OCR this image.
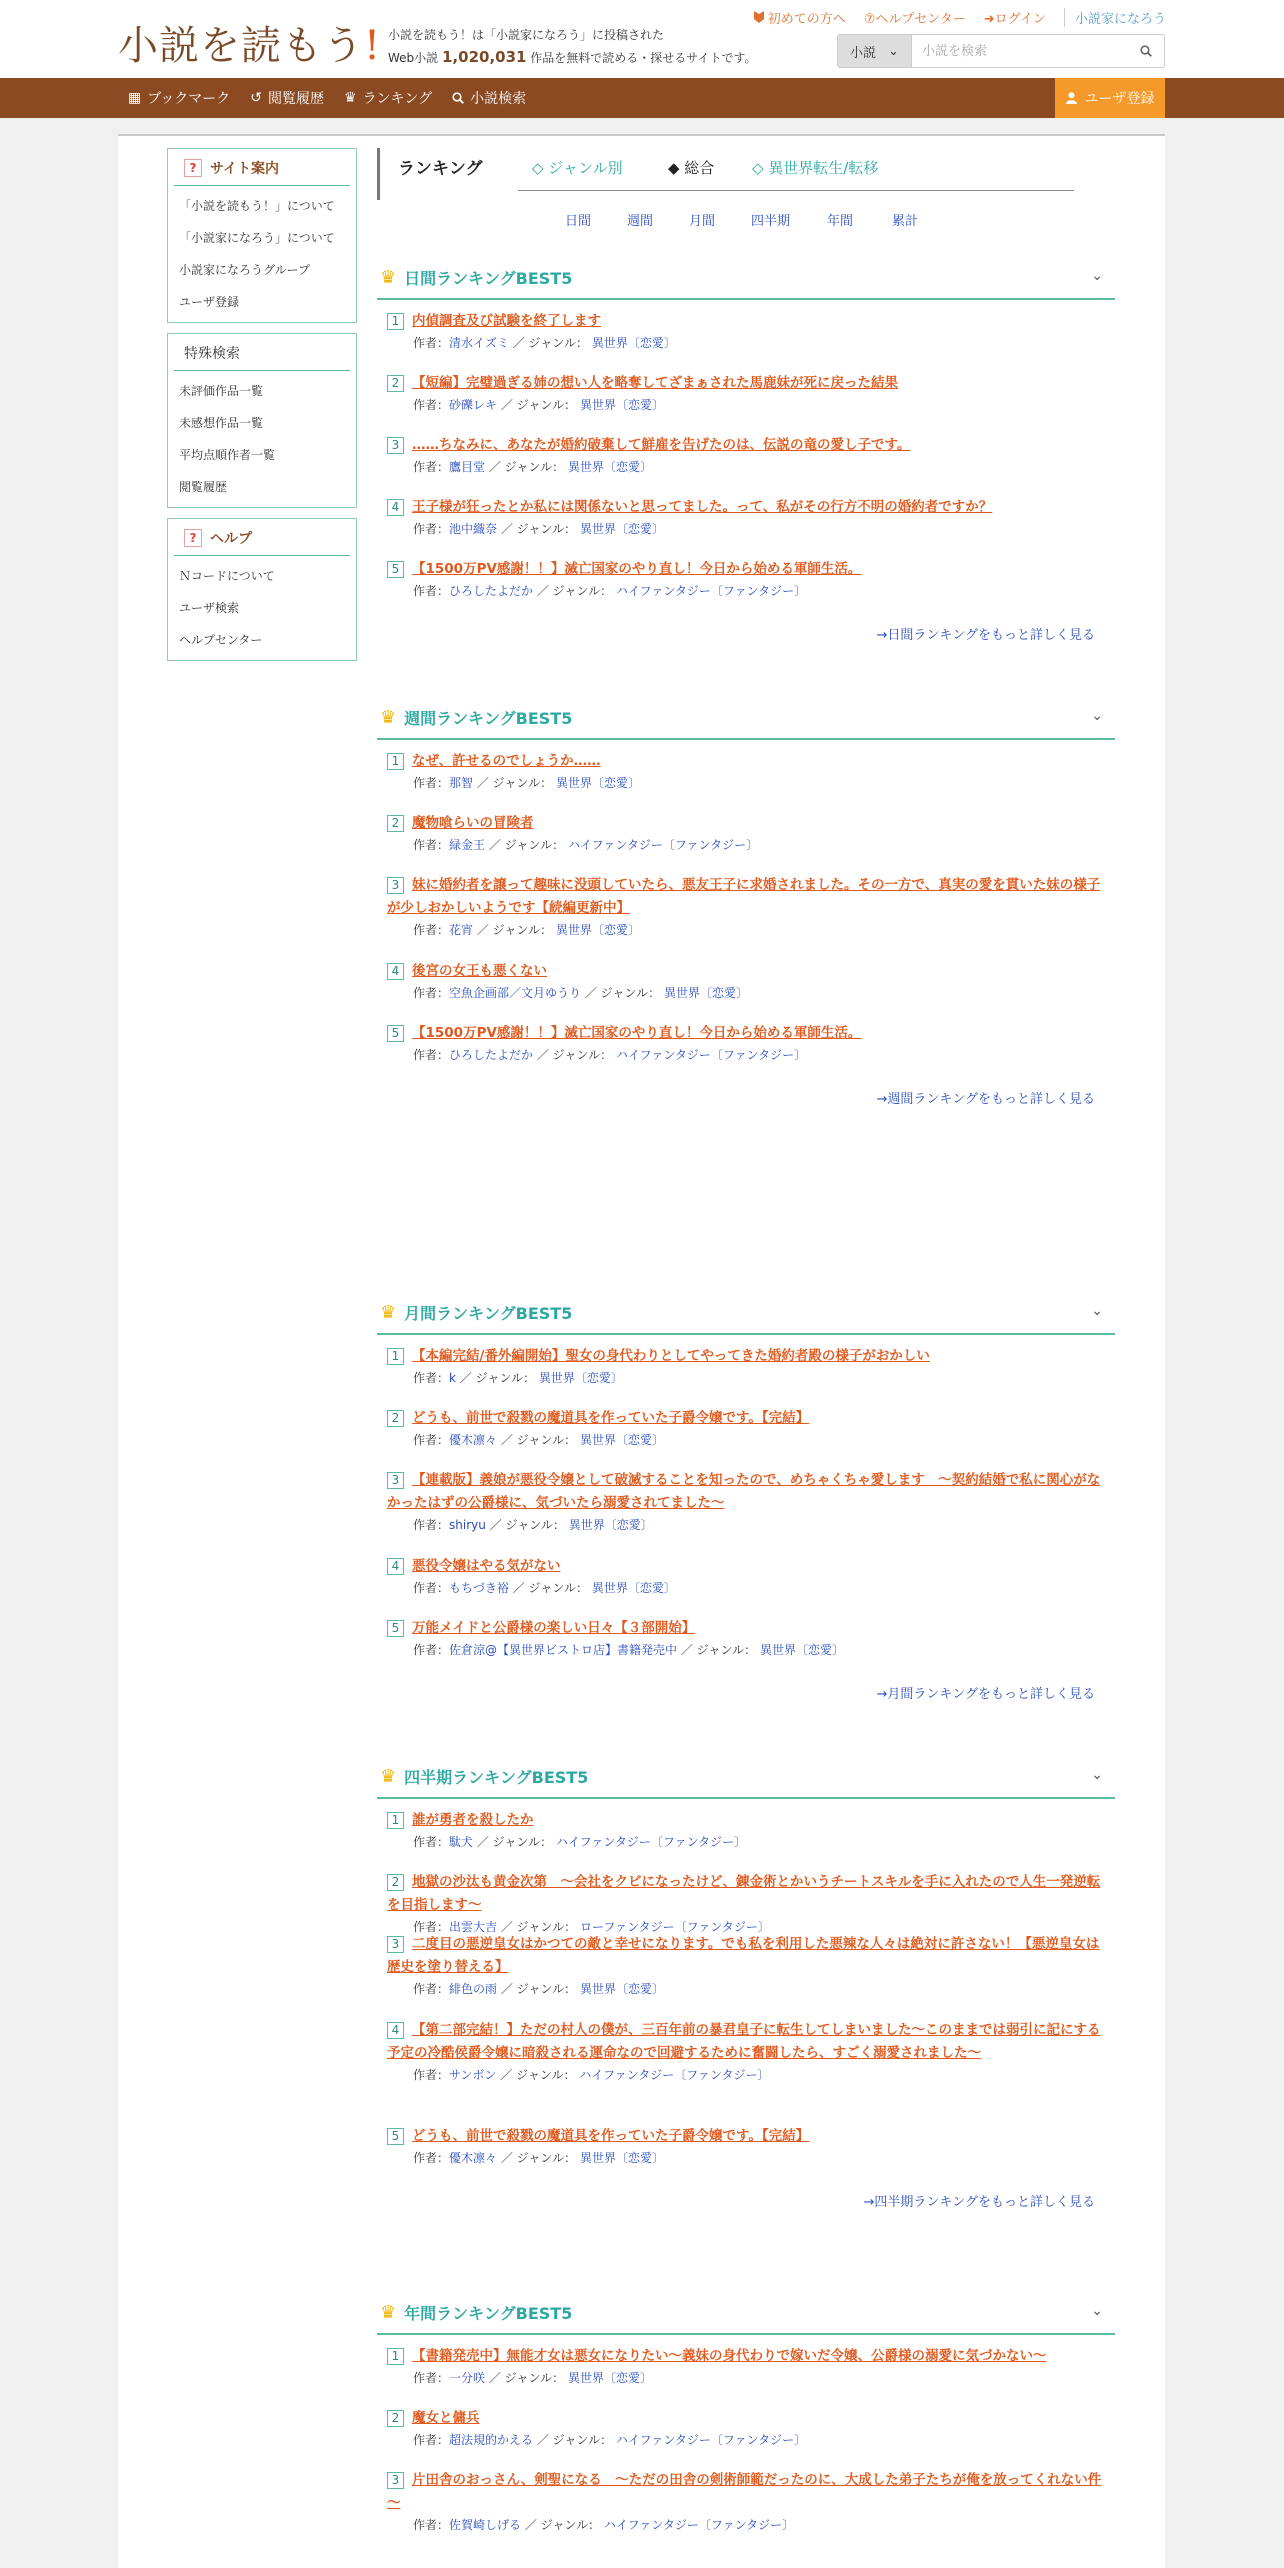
小説を読もう! 小説を読もう！は「小説家になろう」に投稿された
Web小説 1,020,031 作品を無料で読める・探せるサイトです。
初めての方へ ⑦ヘルプセンター ➜ログイン	小説家になろう
小説 ⌄
小説を検索
▦ ブックマーク ↺ 閲覧履歴 ♛ ランキング	小説検索	ユーザ登録
? サイト案内
「小説を読もう！」について
「小説家になろう」について
小説家になろうグループ
ユーザ登録
特殊検索
未評価作品一覧
未感想作品一覧
平均点順作者一覧
閲覧履歴
? ヘルプ
Ｎコードについて
ユーザ検索
ヘルプセンター
ランキング	◇ ジャンル別	◆ 総合	◇ 異世界転生/転移
日間	週間	月間	四半期	年間	累計
♛ 日間ランキングBEST5	⌄
1 内偵調査及び試験を終了します
作者：清水イズミ ／ ジャンル： 異世界〔恋愛〕
2 【短編】完璧過ぎる姉の想い人を略奪してざまぁされた馬鹿妹が死に戻った結果
作者：砂礫レキ ／ ジャンル： 異世界〔恋愛〕
3 ……ちなみに、あなたが婚約破棄して鮮雇を告げたのは、伝説の竜の愛し子です。
作者：鷹目堂 ／ ジャンル： 異世界〔恋愛〕
4 王子様が狂ったとか私には関係ないと思ってました。って、私がその行方不明の婚約者ですか？
作者：池中織奈 ／ ジャンル： 異世界〔恋愛〕
5 【1500万PV感謝！！】滅亡国家のやり直し！今日から始める軍師生活。
作者：ひろしたよだか ／ ジャンル： ハイファンタジー〔ファンタジー〕
→日間ランキングをもっと詳しく見る
♛ 週間ランキングBEST5	⌄
1 なぜ、許せるのでしょうか……
作者：那智 ／ ジャンル： 異世界〔恋愛〕
2 魔物喰らいの冒険者
作者：緑金王 ／ ジャンル： ハイファンタジー〔ファンタジー〕
3 妹に婚約者を譲って趣味に没頭していたら、悪友王子に求婚されました。その一方で、真実の愛を貫いた妹の様子が少しおかしいようです【続編更新中】
作者：花宵 ／ ジャンル： 異世界〔恋愛〕
4 後宮の女王も悪くない
作者：空魚企画部／文月ゆうり ／ ジャンル： 異世界〔恋愛〕
5 【1500万PV感謝！！】滅亡国家のやり直し！今日から始める軍師生活。
作者：ひろしたよだか ／ ジャンル： ハイファンタジー〔ファンタジー〕
→週間ランキングをもっと詳しく見る
♛ 月間ランキングBEST5	⌄
1 【本編完結/番外編開始】聖女の身代わりとしてやってきた婚約者殿の様子がおかしい
作者：k ／ ジャンル： 異世界〔恋愛〕
2 どうも、前世で殺戮の魔道具を作っていた子爵令嬢です。【完結】
作者：優木凛々 ／ ジャンル： 異世界〔恋愛〕
3 【連載版】義娘が悪役令嬢として破滅することを知ったので、めちゃくちゃ愛します　～契約結婚で私に関心がなかったはずの公爵様に、気づいたら溺愛されてました～
作者：shiryu ／ ジャンル： 異世界〔恋愛〕
4 悪役令嬢はやる気がない
作者：もちづき裕 ／ ジャンル： 異世界〔恋愛〕
5 万能メイドと公爵様の楽しい日々【３部開始】
作者：佐倉涼@【異世界ビストロ店】書籍発売中 ／ ジャンル： 異世界〔恋愛〕
→月間ランキングをもっと詳しく見る
♛ 四半期ランキングBEST5	⌄
1 誰が勇者を殺したか
作者：駄犬 ／ ジャンル： ハイファンタジー〔ファンタジー〕
2 地獄の沙汰も黄金次第　～会社をクビになったけど、錬金術とかいうチートスキルを手に入れたので人生一発逆転を目指します～
作者：出雲大吉 ／ ジャンル： ローファンタジー〔ファンタジー〕
3 二度目の悪逆皇女はかつての敵と幸せになります。でも私を利用した悪辣な人々は絶対に許さない！【悪逆皇女は歴史を塗り替える】
作者：緋色の雨 ／ ジャンル： 異世界〔恋愛〕
4 【第二部完結！】ただの村人の僕が、三百年前の暴君皇子に転生してしまいました～このままでは弱引に記にする予定の冷酷侯爵令嬢に暗殺される運命なので回避するために奮闘したら、すごく溺愛されました～
作者：サンボン ／ ジャンル： ハイファンタジー〔ファンタジー〕
5 どうも、前世で殺戮の魔道具を作っていた子爵令嬢です。【完結】
作者：優木凛々 ／ ジャンル： 異世界〔恋愛〕
→四半期ランキングをもっと詳しく見る
♛ 年間ランキングBEST5	⌄
1 【書籍発売中】無能才女は悪女になりたい～義妹の身代わりで嫁いだ令嬢、公爵様の溺愛に気づかない～
作者：一分咲 ／ ジャンル： 異世界〔恋愛〕
2 魔女と傭兵
作者：超法規的かえる ／ ジャンル： ハイファンタジー〔ファンタジー〕
3 片田舎のおっさん、剣聖になる　～ただの田舎の剣術師範だったのに、大成した弟子たちが俺を放ってくれない件～
作者：佐賀崎しげる ／ ジャンル： ハイファンタジー〔ファンタジー〕
